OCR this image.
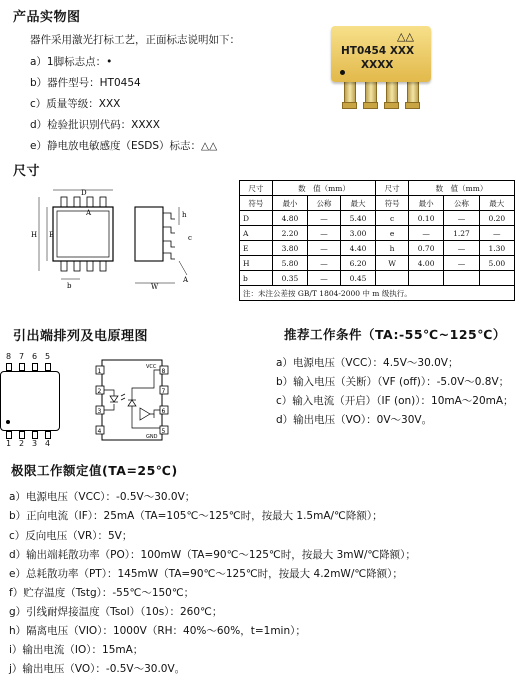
产品实物图
器件采用激光打标工艺，正面标志说明如下：
a）1脚标志点：•
b）器件型号：HT0454
c）质量等级：XXX
d）检验批识别代码：XXXX
e）静电放电敏感度（ESDS）标志：△△
△△
HT0454 XXX
XXXX
尺寸
D
A
H E
b
h
c
A
W
尺寸	数　值（mm）			尺寸	数　值（mm）		
符号	最小	公称	最大	符号	最小	公称	最大
D	4.80	—	5.40	c	0.10	—	0.20
A	2.20	—	3.00	e	—	1.27	—
E	3.80	—	4.40	h	0.70	—	1.30
H	5.80	—	6.20	W	4.00	—	5.00
b	0.35	—	0.45				
注：未注公差按 GB/T 1804-2000 中 m 级执行。							
引出端排列及电原理图
8 7 6 5
1 2 3 4
1
2
3
4
8
7
6
5
VCC
GND
推荐工作条件（TA:-55℃~125℃）
a）电源电压（VCC）：4.5V～30.0V；
b）输入电压（关断）（VF (off)）：-5.0V～0.8V；
c）输入电流（开启）（IF (on)）：10mA～20mA；
d）输出电压（VO）：0V～30V。
极限工作额定值(TA=25℃)
a）电源电压（VCC）：-0.5V～30.0V；
b）正向电流（IF）：25mA（TA=105℃～125℃时，按最大 1.5mA/℃降额）；
c）反向电压（VR）：5V；
d）输出端耗散功率（PO）：100mW（TA=90℃～125℃时，按最大 3mW/℃降额）；
e）总耗散功率（PT）：145mW（TA=90℃～125℃时，按最大 4.2mW/℃降额）；
f）贮存温度（Tstg）：-55℃～150℃；
g）引线耐焊接温度（Tsol）（10s）：260℃；
h）隔离电压（VIO）：1000V（RH：40%～60%，t=1min）；
i）输出电流（IO）：15mA；
j）输出电压（VO）：-0.5V～30.0V。
